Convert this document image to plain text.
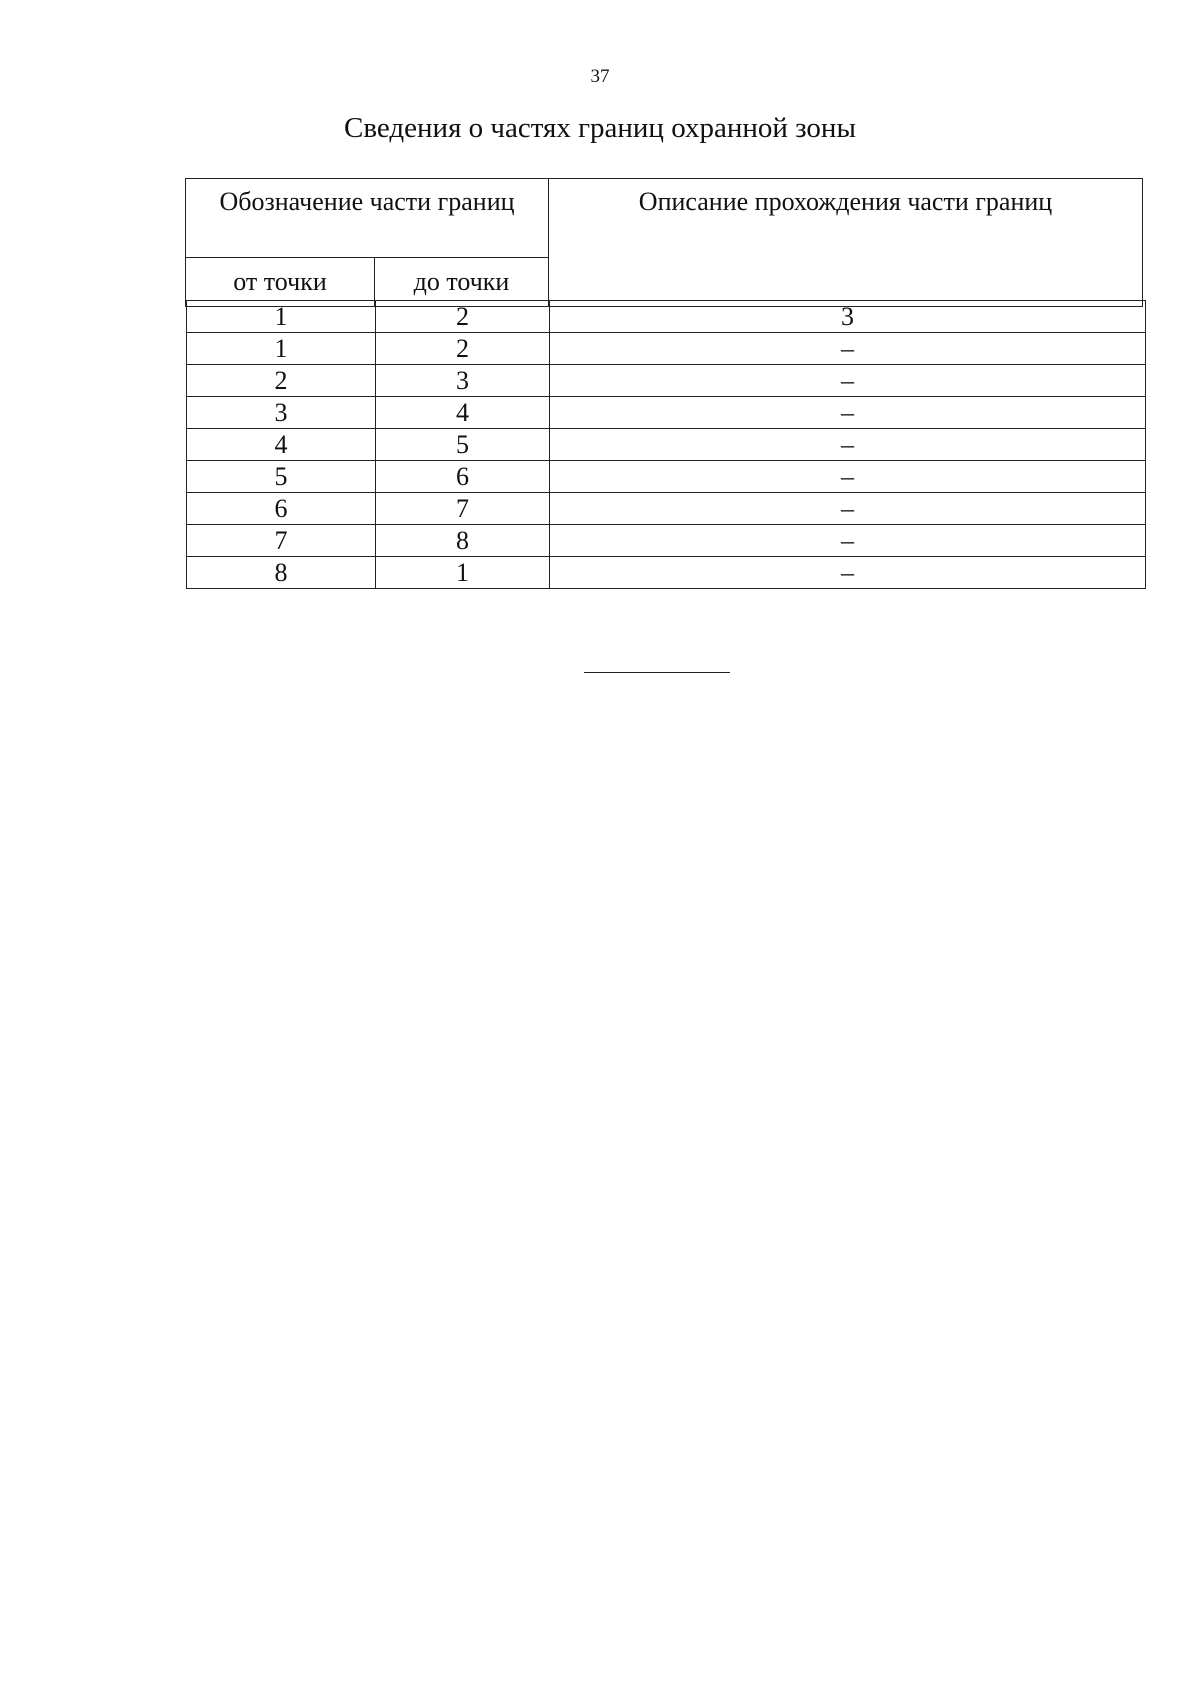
37
Сведения о частях границ охранной зоны
Обозначение части границ		Описание прохождения части границ
от точки	до точки	
1	2	3
1	2	–
2	3	–
3	4	–
4	5	–
5	6	–
6	7	–
7	8	–
8	1	–
